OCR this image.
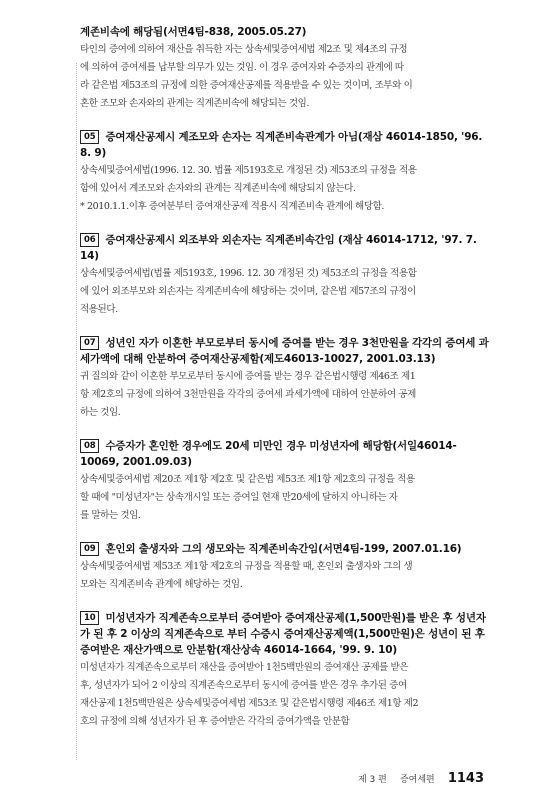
계존비속에 해당됨(서면4팀-838, 2005.05.27)
타인의 증여에 의하여 재산을 취득한 자는 상속세및증여세법 제2조 및 제4조의 규정
에 의하여 증여세를 납부할 의무가 있는 것임. 이 경우 증여자와 수증자의 관계에 따
라 같은법 제53조의 규정에 의한 증여재산공제를 적용받을 수 있는 것이며, 조부와 이
혼한 조모와 손자와의 관계는 직계존비속에 해당되는 것임.
05 증여재산공제시 계조모와 손자는 직계존비속관계가 아님(재삼 46014-1850, '96. 8. 9)
상속세및증여세법(1996. 12. 30. 법률 제5193호로 개정된 것) 제53조의 규정을 적용
함에 있어서 계조모와 손자와의 관계는 직계존비속에 해당되지 않는다.
* 2010.1.1.이후 증여분부터 증여재산공제 적용시 직계존비속 관계에 해당함.
06 증여재산공제시 외조부와 외손자는 직계존비속간임 (재삼 46014-1712, '97. 7. 14)
상속세및증여세법(법률 제5193호, 1996. 12. 30 개정된 것) 제53조의 규정을 적용함
에 있어 외조부모와 외손자는 직계존비속에 해당하는 것이며, 같은법 제57조의 규정이
적용된다.
07 성년인 자가 이혼한 부모로부터 동시에 증여를 받는 경우 3천만원을 각각의 증여세 과세가액에 대해 안분하여 증여재산공제함(제도46013-10027, 2001.03.13)
귀 질의와 같이 이혼한 부모로부터 동시에 증여를 받는 경우 같은법시행령 제46조 제1
항 제2호의 규정에 의하여 3천만원을 각각의 증여세 과세가액에 대하여 안분하여 공제
하는 것임.
08 수증자가 혼인한 경우에도 20세 미만인 경우 미성년자에 해당함(서일46014-10069, 2001.09.03)
상속세및증여세법 제20조 제1항 제2호 및 같은법 제53조 제1항 제2호의 규정을 적용
할 때에 "미성년자"는 상속개시일 또는 증여일 현재 만20세에 달하지 아니하는 자
를 말하는 것임.
09 혼인외 출생자와 그의 생모와는 직계존비속간임(서면4팀-199, 2007.01.16)
상속세및증여세법 제53조 제1항 제2호의 규정을 적용할 때, 혼인외 출생자와 그의 생
모와는 직계존비속 관계에 해당하는 것임.
10 미성년자가 직계존속으로부터 증여받아 증여재산공제(1,500만원)를 받은 후 성년자가 된 후 2 이상의 직계존속으로 부터 수증시 증여재산공제액(1,500만원)은 성년이 된 후 증여받은 재산가액으로 안분함(재산상속 46014-1664, '99. 9. 10)
미성년자가 직계존속으로부터 재산을 증여받아 1천5백만원의 증여재산 공제를 받은
후, 성년자가 되어 2 이상의 직계존속으로부터 동시에 증여를 받은 경우 추가된 증여
재산공제 1천5백만원은 상속세및증여세법 제53조 및 같은법시행령 제46조 제1항 제2
호의 규정에 의해 성년자가 된 후 증여받은 각각의 증여가액을 안분함
제 3 편 증여세편 1143
